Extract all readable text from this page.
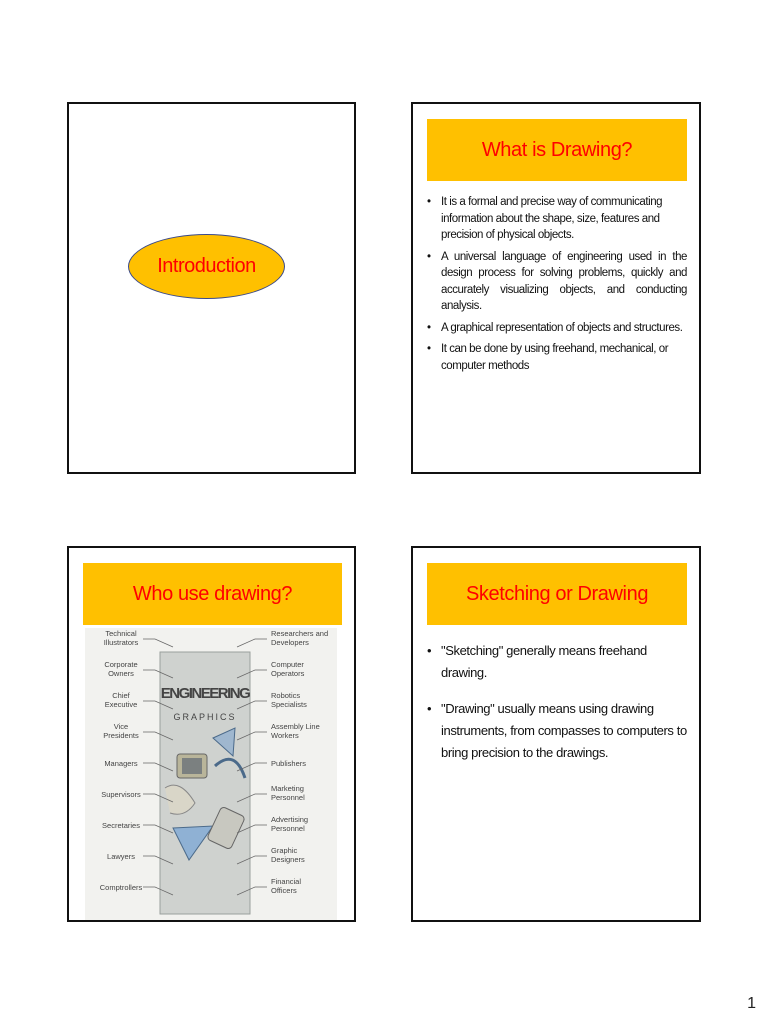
Introduction
What is Drawing?
• It is a formal and precise way of communicating information about the shape, size, features and precision of physical objects.
• A universal language of engineering used in the design process for solving problems, quickly and accurately visualizing objects, and conducting analysis.
• A graphical representation of objects and structures.
• It can be done by using freehand, mechanical, or computer methods
Who use drawing?
ENGINEERING
GRAPHICS
Technical Illustrators
Corporate Owners
Chief Executive
Vice Presidents
Managers
Supervisors
Secretaries
Lawyers
Comptrollers
Researchers and Developers
Computer Operators
Robotics Specialists
Assembly Line Workers
Publishers
Marketing Personnel
Advertising Personnel
Graphic Designers
Financial Officers
Sketching or Drawing
• "Sketching" generally means freehand drawing.
• "Drawing" usually means using drawing instruments, from compasses to computers to bring precision to the drawings.
1
